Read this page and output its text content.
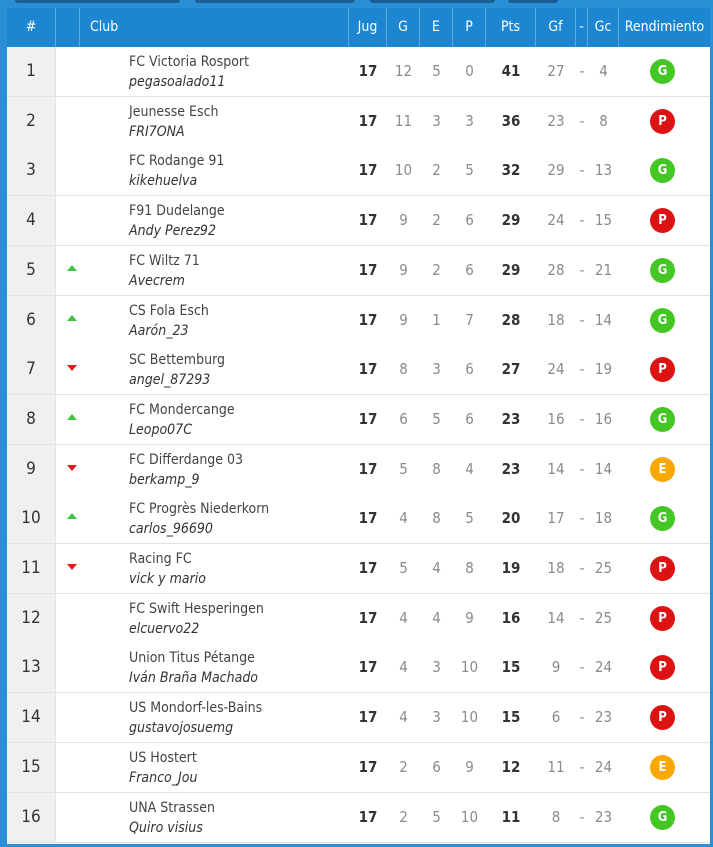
#	Club	Jug	G	E	P	Pts	Gf	- Gc Rendimiento
1	FC Victoria Rosport
pegasoalado11
17	12	5	0	41	27 - 4	G
2	Jeunesse Esch
FRI7ONA
17	11	3	3	36	23 - 8	P
3	FC Rodange 91
kikehuelva
17	10	2	5	32	29 - 13	G
4	F91 Dudelange
Andy Perez92
17	9	2	6	29	24 - 15	P
5	FC Wiltz 71
Avecrem
17	9	2	6	29	28 - 21	G
6	CS Fola Esch
Aarón_23
17	9	1	7	28	18 - 14	G
7	SC Bettemburg
angel_87293
17	8	3	6	27	24 - 19	P
8	FC Mondercange
Leopo07C
17	6	5	6	23	16 - 16	G
9	FC Differdange 03
berkamp_9
17	5	8	4	23	14 - 14	E
10	FC Progrès Niederkorn
carlos_96690
17	4	8	5	20	17 - 18	G
11	Racing FC
vick y mario
17	5	4	8	19	18 - 25	P
12	FC Swift Hesperingen
elcuervo22
17	4	4	9	16	14 - 25	P
13	Union Titus Pétange
Iván Braña Machado
17	4	3	10	15	9	- 24	P
14	US Mondorf-les-Bains
gustavojosuemg
17	4	3	10	15	6	- 23	P
15	US Hostert
Franco_Jou
17	2	6	9	12	11 - 24	E
16	UNA Strassen
Quiro visius
17	2	5	10	11	8	- 23	G
